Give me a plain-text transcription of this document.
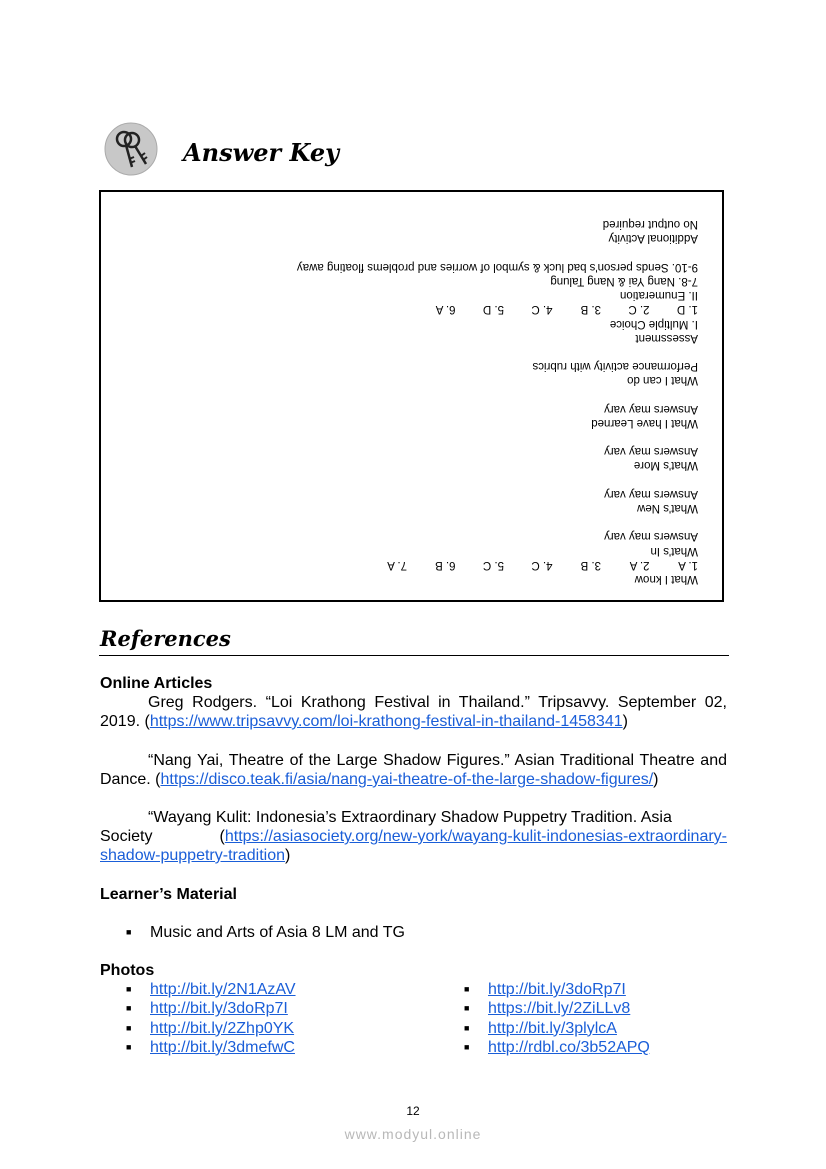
Answer Key
What I know
1. A2. A3. B4. C5. C6. B7. A
What's In
Answers may vary
What's New
Answers may vary
What's More
Answers may vary
What I have Learned
Answers may vary
What I can do
Performance activity with rubrics
Assessment
I. Multiple Choice
1. D2. C3. B4. C5. D6. A
II. Enumeration
7-8. Nang Yai & Nang Talung
9-10. Sends person's bad luck & symbol of worries and problems floating away
Additional Activity
No output required
References
Online Articles
Greg Rodgers. “Loi Krathong Festival in Thailand.” Tripsavvy. September 02, 2019. (https://www.tripsavvy.com/loi-krathong-festival-in-thailand-1458341)
“Nang Yai, Theatre of the Large Shadow Figures.” Asian Traditional Theatre and Dance. (https://disco.teak.fi/asia/nang-yai-theatre-of-the-large-shadow-figures/)
“Wayang Kulit: Indonesia’s Extraordinary Shadow Puppetry Tradition. Asia
Society	(https://asiasociety.org/new-york/wayang-kulit-indonesias-extraordinary-
shadow-puppetry-tradition)
Learner’s Material
■ Music and Arts of Asia 8 LM and TG
Photos
■ http://bit.ly/2N1AzAV
■ http://bit.ly/3doRp7I
■ http://bit.ly/2Zhp0YK
■ http://bit.ly/3dmefwC
■ http://bit.ly/3doRp7I
■ https://bit.ly/2ZiLLv8
■ http://bit.ly/3plylcA
■ http://rdbl.co/3b52APQ
12
www.modyul.online
